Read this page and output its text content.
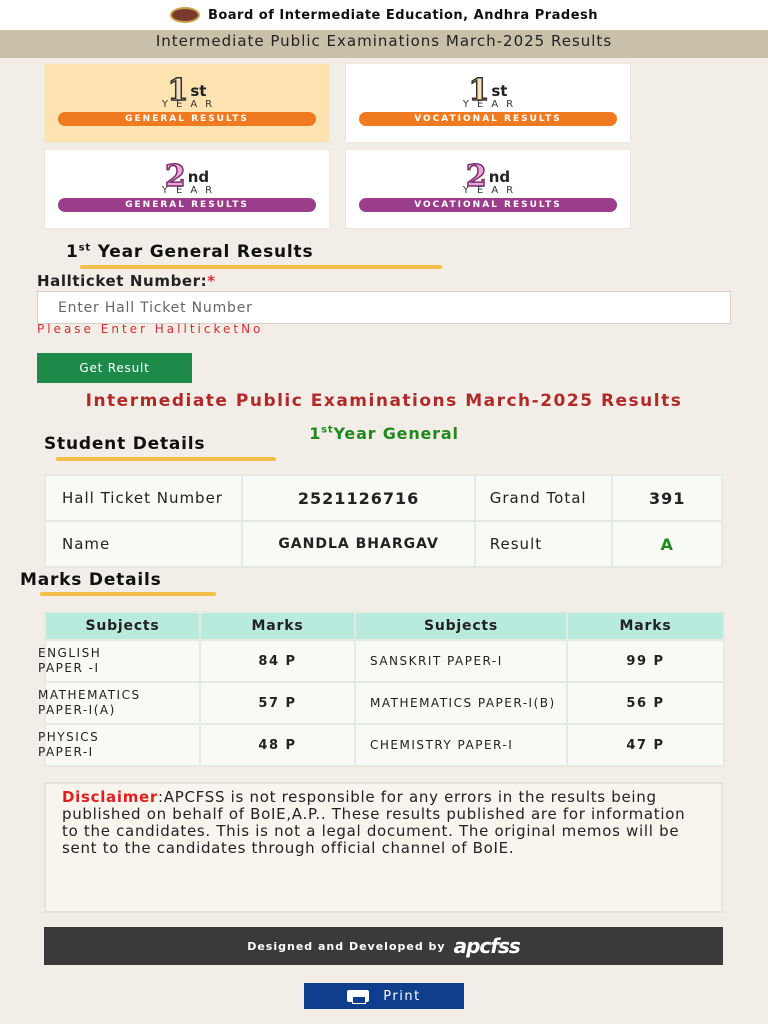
Board of Intermediate Education, Andhra Pradesh
Intermediate Public Examinations March-2025 Results
1 st
YEAR
GENERAL RESULTS
1 st
YEAR
VOCATIONAL RESULTS
2 nd
YEAR
GENERAL RESULTS
2 nd
YEAR
VOCATIONAL RESULTS
1st Year General Results
Hallticket Number:*
Enter Hall Ticket Number
Please Enter HallticketNo
Get Result
Intermediate Public Examinations March-2025 Results
1stYear General
Student Details
Hall Ticket Number	2521126716	Grand Total	391
Name	GANDLA BHARGAV	Result	A
Marks Details
Subjects	Marks	Subjects	Marks

ENGLISH PAPER -I	84 P	SANSKRIT PAPER-I	99 P

MATHEMATICS PAPER-I(A)	57 P	MATHEMATICS PAPER-I(B)	56 P

PHYSICS PAPER-I	48 P	CHEMISTRY PAPER-I	47 P
Disclaimer:APCFSS is not responsible for any errors in the results being published on behalf of BoIE,A.P.. These results published are for information to the candidates. This is not a legal document. The original memos will be sent to the candidates through official channel of BoIE.
Designed and Developed by apcfss
Print
